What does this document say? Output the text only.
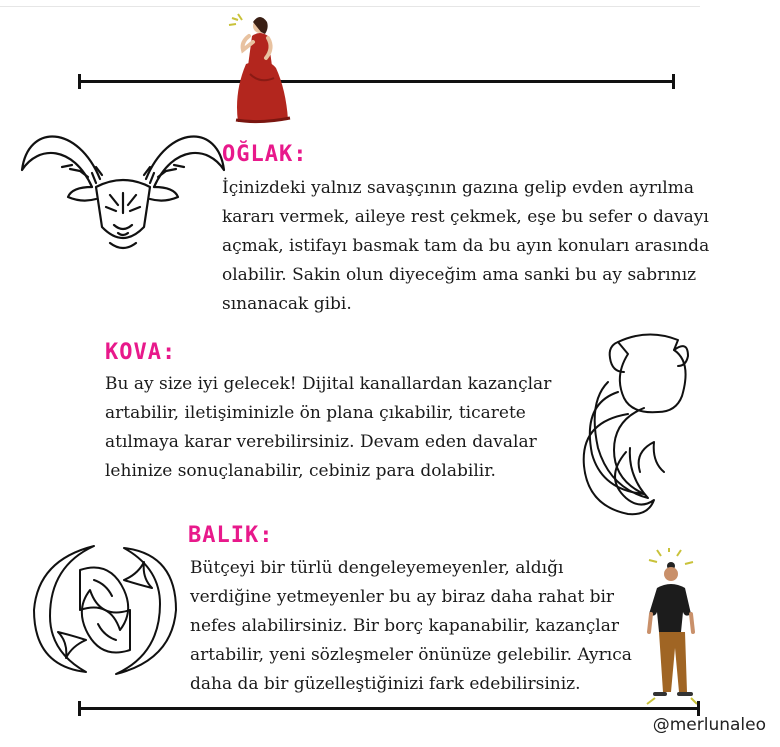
OĞLAK:

İçinizdeki yalnız savaşçının gazına gelip evden ayrılma
kararı vermek, aileye rest çekmek, eşe bu sefer o davayı
açmak, istifayı basmak tam da bu ayın konuları arasında
olabilir. Sakin olun diyeceğim ama sanki bu ay sabrınız
sınanacak gibi.

KOVA:

Bu ay size iyi gelecek! Dijital kanallardan kazançlar
artabilir, iletişiminizle ön plana çıkabilir, ticarete
atılmaya karar verebilirsiniz. Devam eden davalar
lehinize sonuçlanabilir, cebiniz para dolabilir.

BALIK:

Bütçeyi bir türlü dengeleyemeyenler, aldığı
verdiğine yetmeyenler bu ay biraz daha rahat bir
nefes alabilirsiniz. Bir borç kapanabilir, kazançlar
artabilir, yeni sözleşmeler önünüze gelebilir. Ayrıca
daha da bir güzelleştiğinizi fark edebilirsiniz.

@merlunaleo
